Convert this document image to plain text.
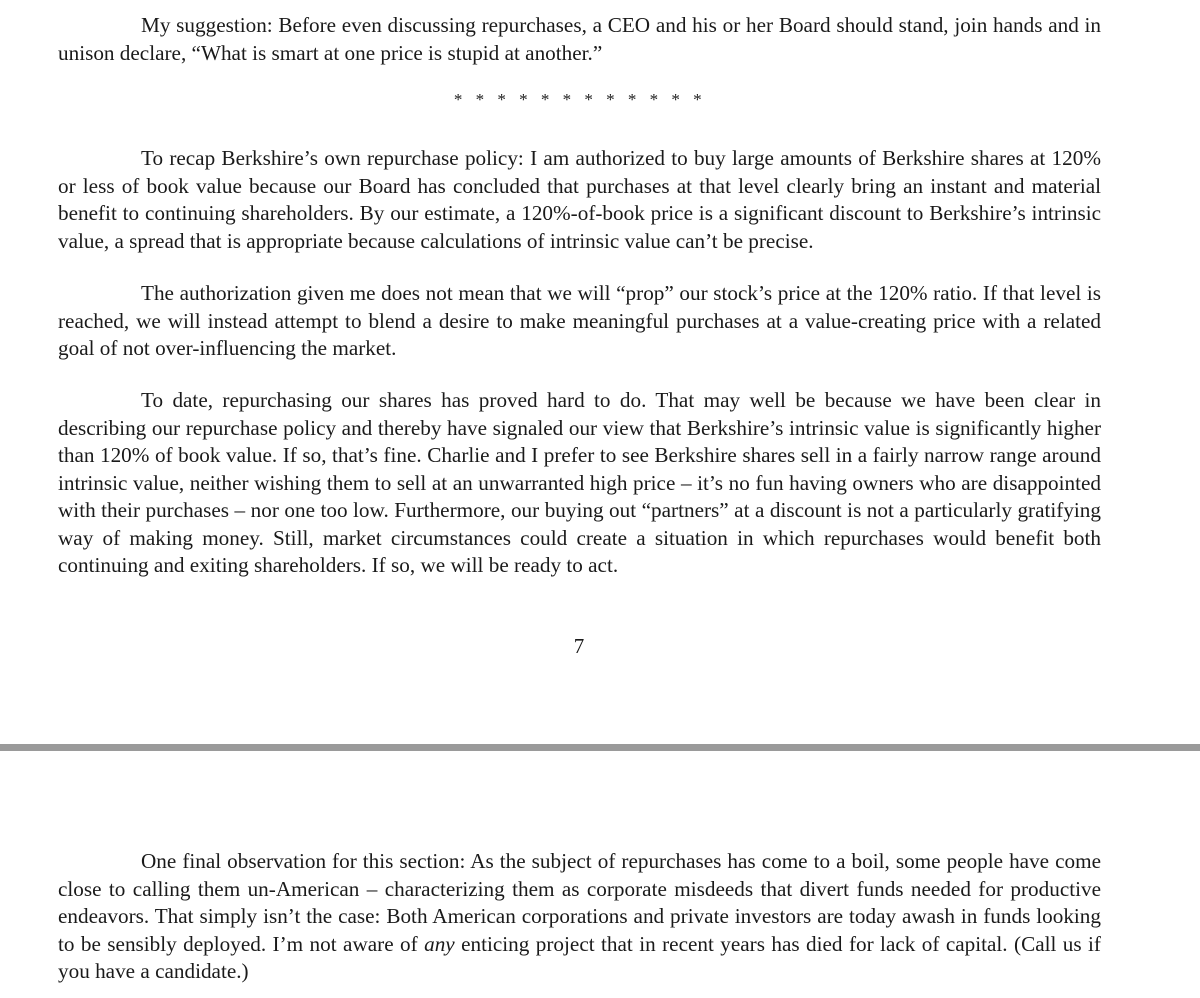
My suggestion: Before even discussing repurchases, a CEO and his or her Board should stand, join hands and in unison declare, “What is smart at one price is stupid at another.”

* * * * * * * * * * * *

To recap Berkshire’s own repurchase policy: I am authorized to buy large amounts of Berkshire shares at 120% or less of book value because our Board has concluded that purchases at that level clearly bring an instant and material benefit to continuing shareholders. By our estimate, a 120%-of-book price is a significant discount to Berkshire’s intrinsic value, a spread that is appropriate because calculations of intrinsic value can’t be precise.

The authorization given me does not mean that we will “prop” our stock’s price at the 120% ratio. If that level is reached, we will instead attempt to blend a desire to make meaningful purchases at a value-creating price with a related goal of not over-influencing the market.

To date, repurchasing our shares has proved hard to do. That may well be because we have been clear in describing our repurchase policy and thereby have signaled our view that Berkshire’s intrinsic value is significantly higher than 120% of book value. If so, that’s fine. Charlie and I prefer to see Berkshire shares sell in a fairly narrow range around intrinsic value, neither wishing them to sell at an unwarranted high price – it’s no fun having owners who are disappointed with their purchases – nor one too low. Furthermore, our buying out “partners” at a discount is not a particularly gratifying way of making money. Still, market circumstances could create a situation in which repurchases would benefit both continuing and exiting shareholders. If so, we will be ready to act.

7

One final observation for this section: As the subject of repurchases has come to a boil, some people have come close to calling them un-American – characterizing them as corporate misdeeds that divert funds needed for productive endeavors. That simply isn’t the case: Both American corporations and private investors are today awash in funds looking to be sensibly deployed. I’m not aware of any enticing project that in recent years has died for lack of capital. (Call us if you have a candidate.)
